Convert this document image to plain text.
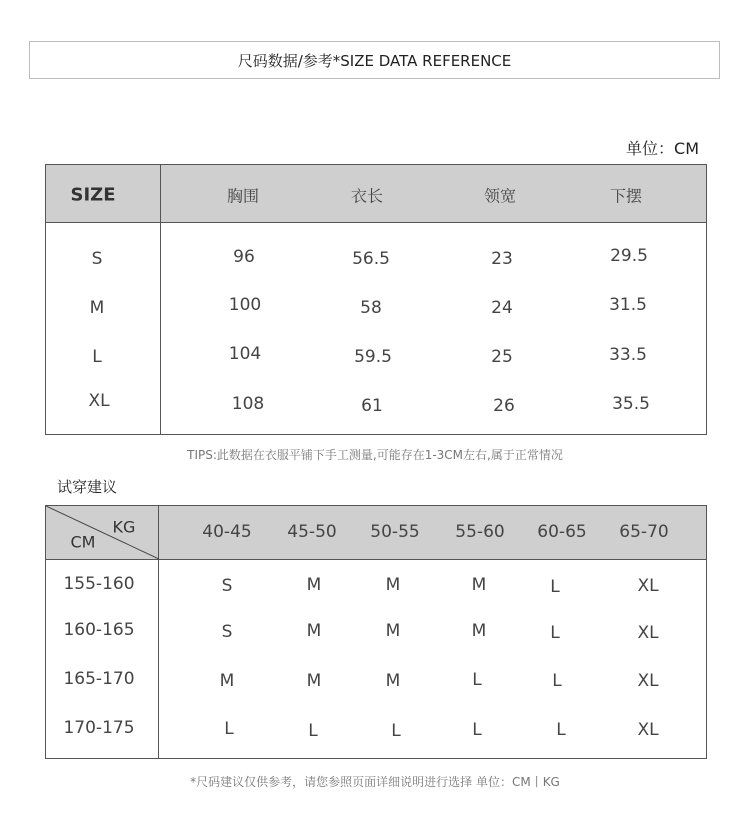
尺码数据/参考*SIZE DATA REFERENCE
单位：CM
SIZE	胸围	衣长	领宽	下摆
S	96	56.5	23	29.5
M	100	58	24	31.5
L	104	59.5	25	33.5
XL	108	61	26	35.5
TIPS:此数据在衣服平铺下手工测量,可能存在1-3CM左右,属于正常情况
试穿建议
KG
CM	40-45 45-50 50-55 55-60 60-65 65-70
155-160	S	M	M	M	L	XL
160-165	S	M	M	M	L	XL
165-170	M	M	M	L	L	XL
170-175	L	L	L	L	L	XL
*尺码建议仅供参考，请您参照页面详细说明进行选择 单位：CM丨KG
